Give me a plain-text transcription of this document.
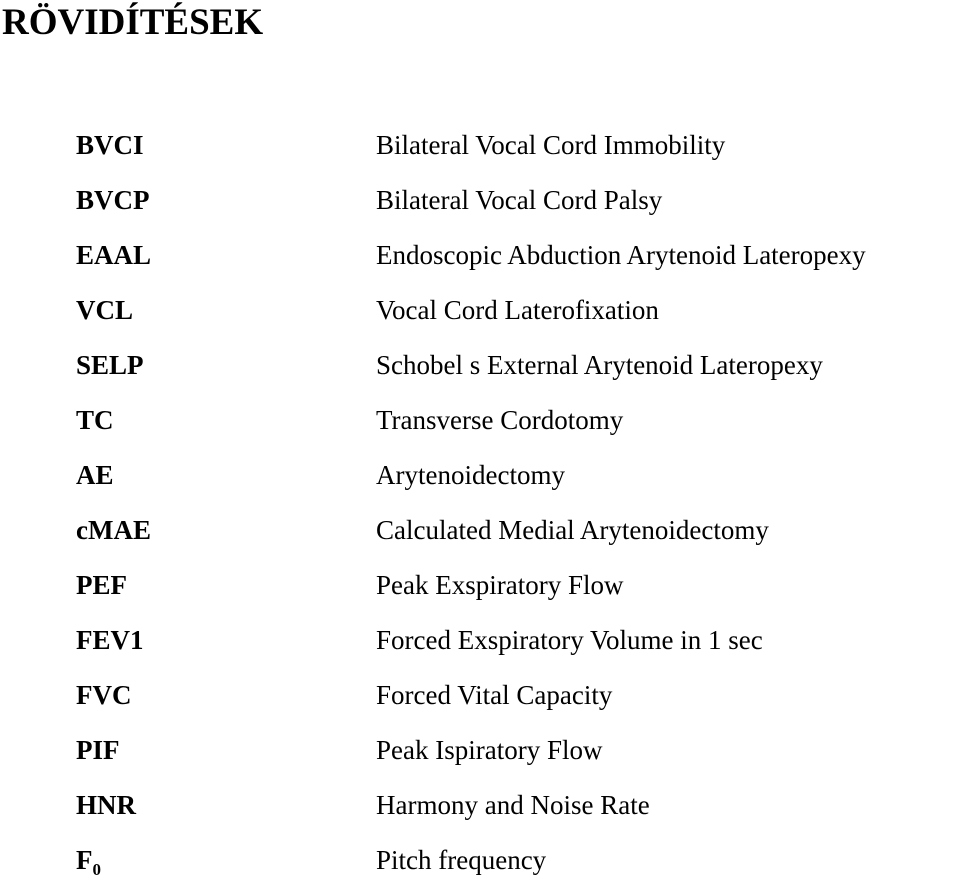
RÖVIDÍTÉSEK
BVCI	Bilateral Vocal Cord Immobility
BVCP	Bilateral Vocal Cord Palsy
EAAL	Endoscopic Abduction Arytenoid Lateropexy
VCL	Vocal Cord Laterofixation
SELP	Schobel s External Arytenoid Lateropexy
TC	Transverse Cordotomy
AE	Arytenoidectomy
cMAE	Calculated Medial Arytenoidectomy
PEF	Peak Exspiratory Flow
FEV1	Forced Exspiratory Volume in 1 sec
FVC	Forced Vital Capacity
PIF	Peak Ispiratory Flow
HNR	Harmony and Noise Rate
$F_0$	Pitch frequency
